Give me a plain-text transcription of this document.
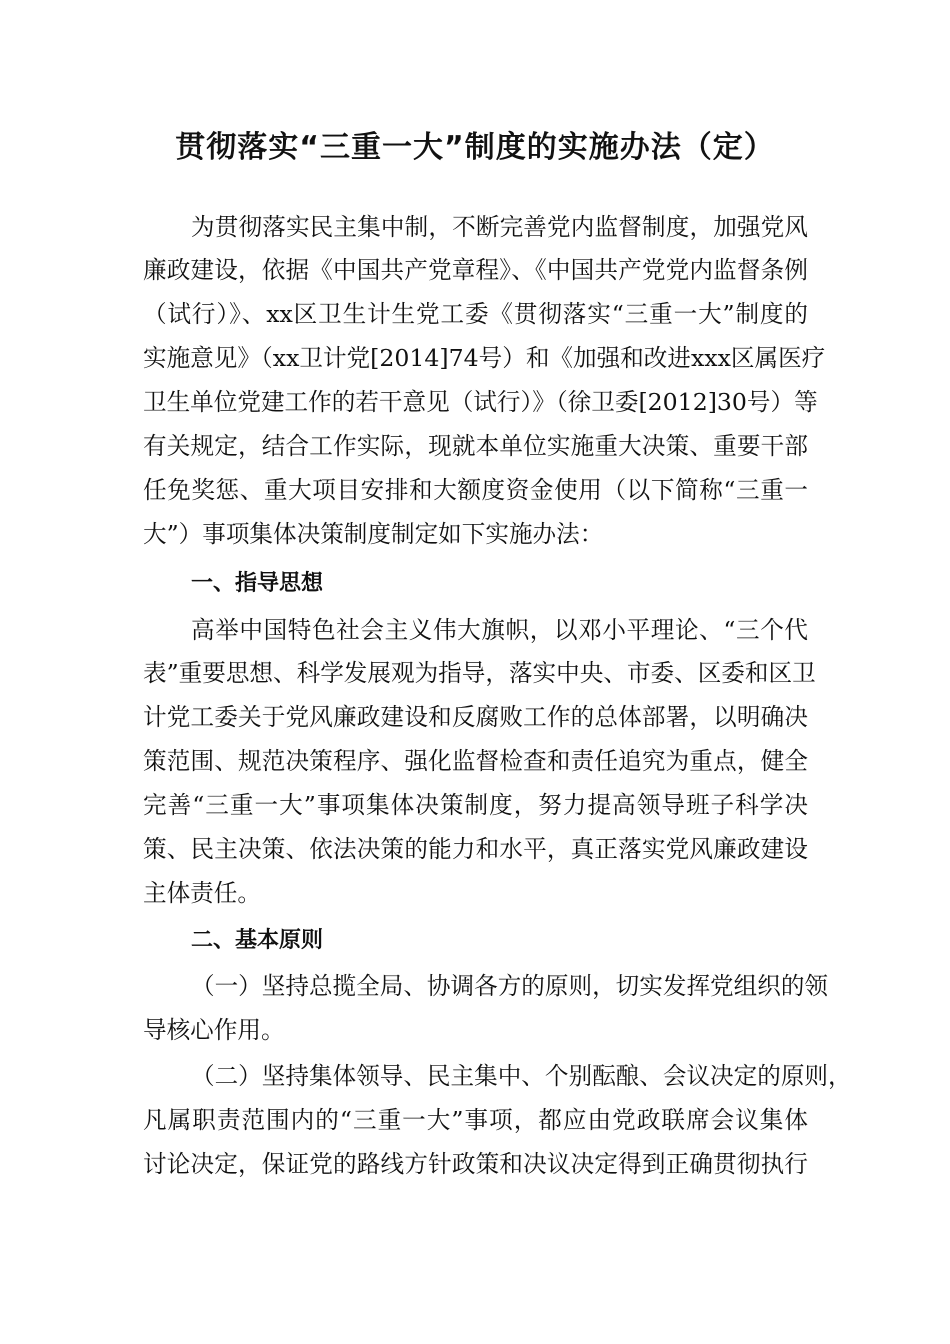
贯彻落实“三重一大”制度的实施办法（定）

为贯彻落实民主集中制，不断完善党内监督制度，加强党风

廉政建设，依据《中国共产党章程》、《中国共产党党内监督条例

（试行）》、xx区卫生计生党工委《贯彻落实“三重一大”制度的

实施意见》（xx卫计党[2014]74号）和《加强和改进xxx区属医疗

卫生单位党建工作的若干意见（试行）》（徐卫委[2012]30号）等

有关规定，结合工作实际，现就本单位实施重大决策、重要干部

任免奖惩、重大项目安排和大额度资金使用（以下简称“三重一

大”）事项集体决策制度制定如下实施办法：

一、指导思想

高举中国特色社会主义伟大旗帜，以邓小平理论、“三个代

表”重要思想、科学发展观为指导，落实中央、市委、区委和区卫

计党工委关于党风廉政建设和反腐败工作的总体部署，以明确决

策范围、规范决策程序、强化监督检查和责任追究为重点，健全

完善“三重一大”事项集体决策制度，努力提高领导班子科学决

策、民主决策、依法决策的能力和水平，真正落实党风廉政建设

主体责任。

二、基本原则

（一）坚持总揽全局、协调各方的原则，切实发挥党组织的领

导核心作用。

（二）坚持集体领导、民主集中、个别酝酿、会议决定的原则，

凡属职责范围内的“三重一大”事项，都应由党政联席会议集体

讨论决定，保证党的路线方针政策和决议决定得到正确贯彻执行
